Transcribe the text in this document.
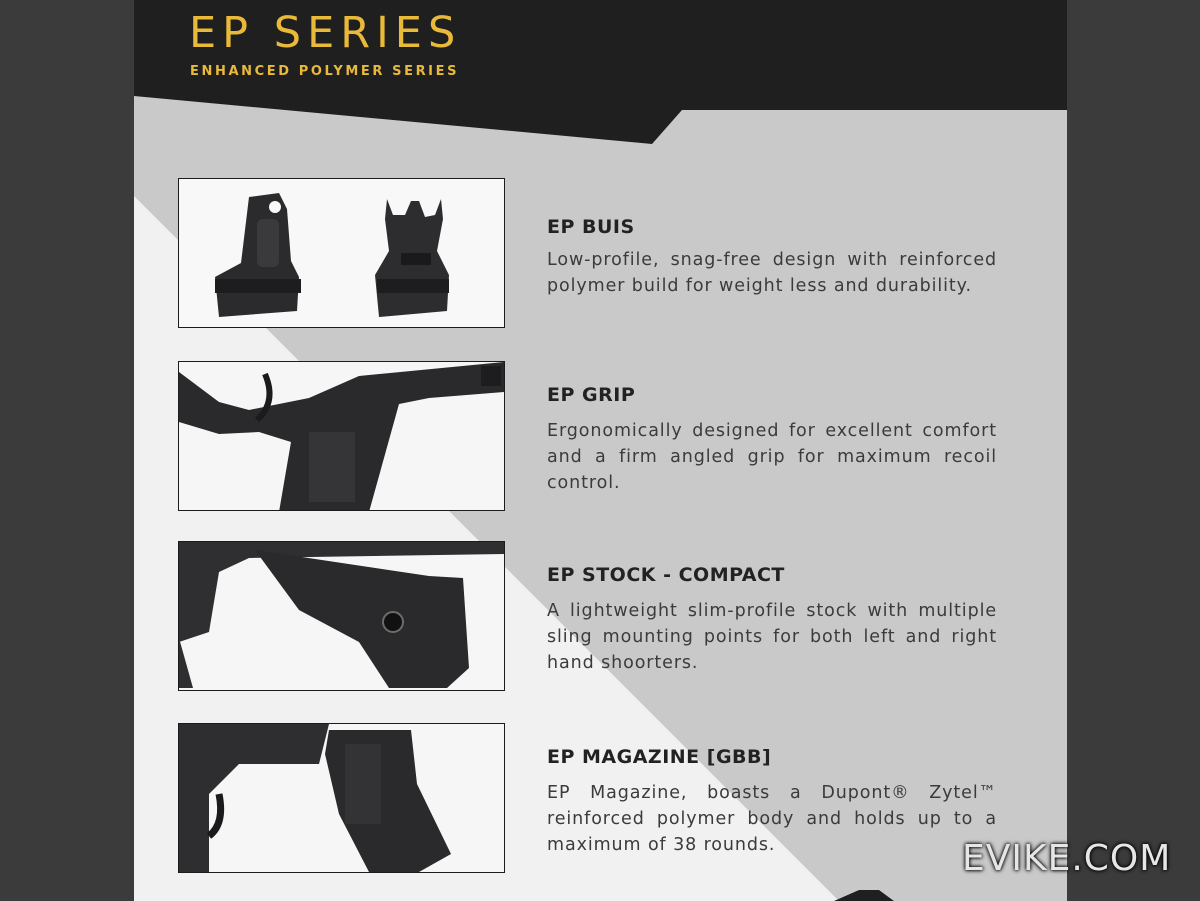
EP SERIES
ENHANCED POLYMER SERIES
EP BUIS
Low-profile, snag-free design with reinforced polymer build for weight less and durability.
EP GRIP
Ergonomically designed for excellent comfort and a firm angled grip for maximum recoil control.
EP STOCK - COMPACT
A lightweight slim-profile stock with multiple sling mounting points for both left and right hand shoorters.
EP MAGAZINE [GBB]
EP Magazine, boasts a Dupont® Zytel™ reinforced polymer body and holds up to a maximum of 38 rounds.	EVIKE.COM
